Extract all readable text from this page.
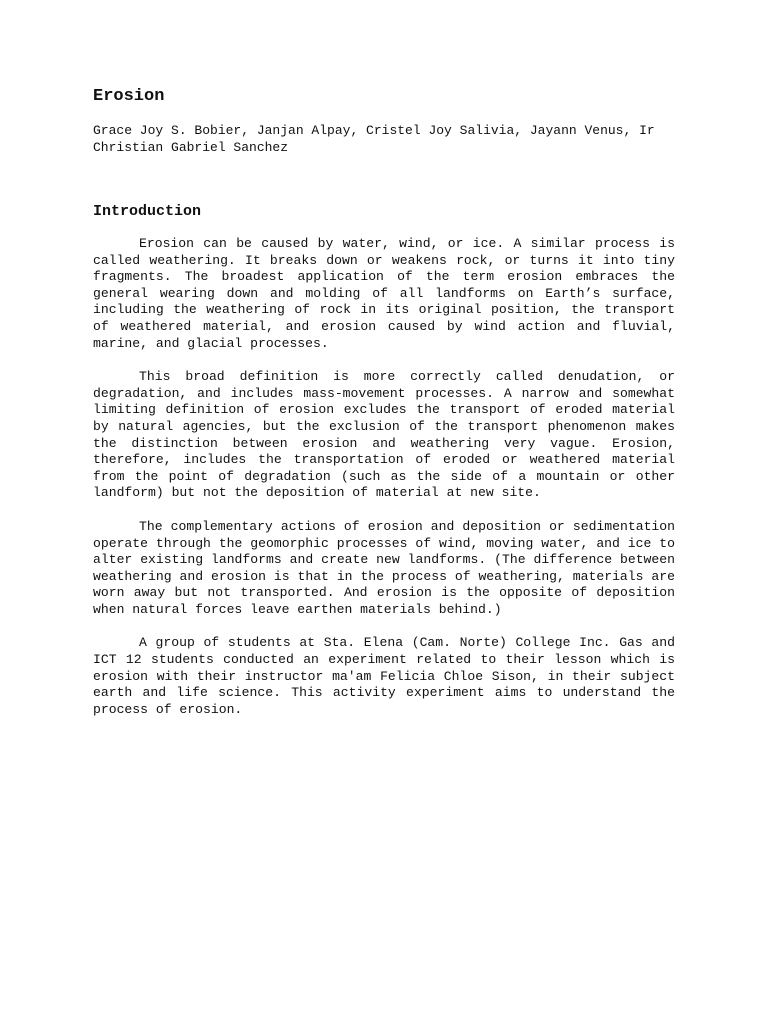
Erosion

Grace Joy S. Bobier, Janjan Alpay, Cristel Joy Salivia, Jayann Venus, Ir Christian Gabriel Sanchez

Introduction

Erosion can be caused by water, wind, or ice. A similar process is called weathering. It breaks down or weakens rock, or turns it into tiny fragments. The broadest application of the term erosion embraces the general wearing down and molding of all landforms on Earth’s surface, including the weathering of rock in its original position, the transport of weathered material, and erosion caused by wind action and fluvial, marine, and glacial processes.

This broad definition is more correctly called denudation, or degradation, and includes mass-movement processes. A narrow and somewhat limiting definition of erosion excludes the transport of eroded material by natural agencies, but the exclusion of the transport phenomenon makes the distinction between erosion and weathering very vague. Erosion, therefore, includes the transportation of eroded or weathered material from the point of degradation (such as the side of a mountain or other landform) but not the deposition of material at new site.

The complementary actions of erosion and deposition or sedimentation operate through the geomorphic processes of wind, moving water, and ice to alter existing landforms and create new landforms. (The difference between weathering and erosion is that in the process of weathering, materials are worn away but not transported. And erosion is the opposite of deposition when natural forces leave earthen materials behind.)

A group of students at Sta. Elena (Cam. Norte) College Inc. Gas and ICT 12 students conducted an experiment related to their lesson which is erosion with their instructor ma'am Felicia Chloe Sison, in their subject earth and life science. This activity experiment aims to understand the process of erosion.
